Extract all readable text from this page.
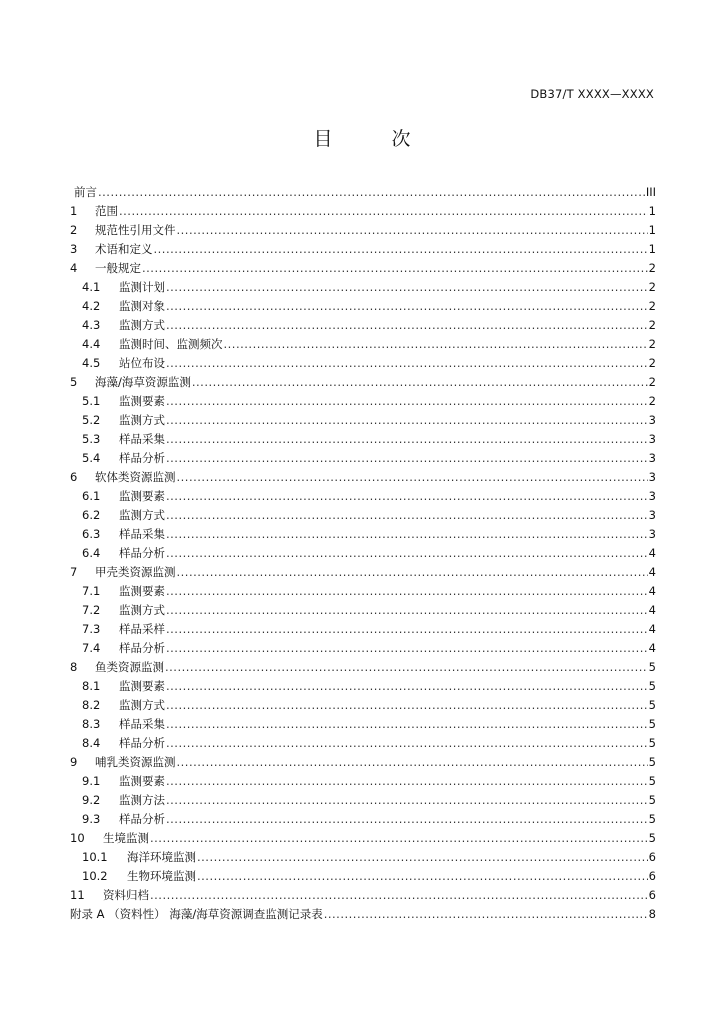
DB37/T XXXX—XXXX
目　次
前言 .....	III
1	范围 .....	1
2	规范性引用文件 .....	1
3	术语和定义 .....	1
4	一般规定 .....	2
4.1	监测计划 .....	2
4.2	监测对象 .....	2
4.3	监测方式 .....	2
4.4	监测时间、监测频次 .....	2
4.5	站位布设 .....	2
5	海藻/海草资源监测 .....	2
5.1	监测要素 .....	2
5.2	监测方式 .....	3
5.3	样品采集 .....	3
5.4	样品分析 .....	3
6	软体类资源监测 .....	3
6.1	监测要素 .....	3
6.2	监测方式 .....	3
6.3	样品采集 .....	3
6.4	样品分析 .....	4
7	甲壳类资源监测 .....	4
7.1	监测要素 .....	4
7.2	监测方式 .....	4
7.3	样品采样 .....	4
7.4	样品分析 .....	4
8	鱼类资源监测 .....	5
8.1	监测要素 .....	5
8.2	监测方式 .....	5
8.3	样品采集 .....	5
8.4	样品分析 .....	5
9	哺乳类资源监测 .....	5
9.1	监测要素 .....	5
9.2	监测方法 .....	5
9.3	样品分析 .....	5
10	生境监测 .....	5
10.1	海洋环境监测 .....	6
10.2	生物环境监测 .....	6
11	资料归档 .....	6
附录 A （资料性） 海藻/海草资源调查监测记录表 .....	8
